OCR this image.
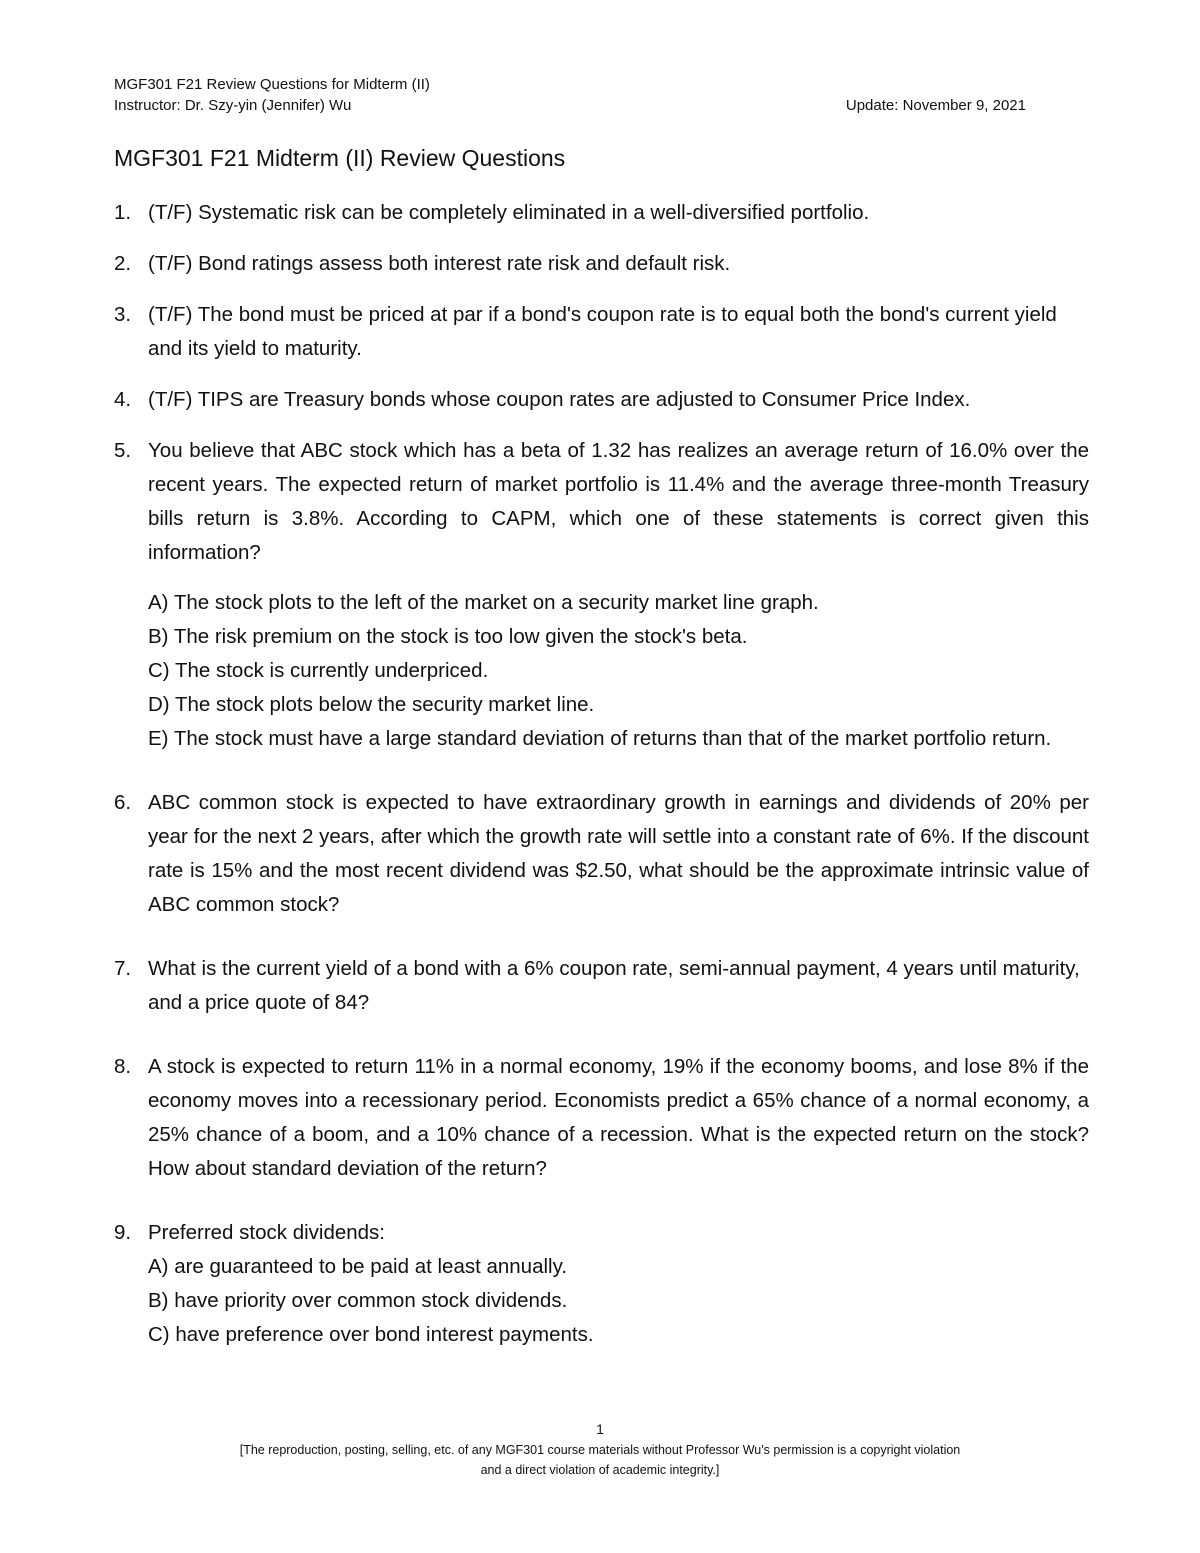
MGF301 F21 Review Questions for Midterm (II)
Instructor: Dr. Szy-yin (Jennifer) Wu	Update: November 9, 2021
MGF301 F21 Midterm (II) Review Questions
1. (T/F) Systematic risk can be completely eliminated in a well-diversified portfolio.
2. (T/F) Bond ratings assess both interest rate risk and default risk.
3. (T/F) The bond must be priced at par if a bond's coupon rate is to equal both the bond's current yield and its yield to maturity.
4. (T/F) TIPS are Treasury bonds whose coupon rates are adjusted to Consumer Price Index.
5. You believe that ABC stock which has a beta of 1.32 has realizes an average return of 16.0% over the recent years. The expected return of market portfolio is 11.4% and the average three-month Treasury bills return is 3.8%. According to CAPM, which one of these statements is correct given this information?
A) The stock plots to the left of the market on a security market line graph.
B) The risk premium on the stock is too low given the stock's beta.
C) The stock is currently underpriced.
D) The stock plots below the security market line.
E) The stock must have a large standard deviation of returns than that of the market portfolio return.
6. ABC common stock is expected to have extraordinary growth in earnings and dividends of 20% per year for the next 2 years, after which the growth rate will settle into a constant rate of 6%. If the discount rate is 15% and the most recent dividend was $2.50, what should be the approximate intrinsic value of ABC common stock?
7. What is the current yield of a bond with a 6% coupon rate, semi-annual payment, 4 years until maturity, and a price quote of 84?
8. A stock is expected to return 11% in a normal economy, 19% if the economy booms, and lose 8% if the economy moves into a recessionary period. Economists predict a 65% chance of a normal economy, a 25% chance of a boom, and a 10% chance of a recession. What is the expected return on the stock? How about standard deviation of the return?
9. Preferred stock dividends:
A) are guaranteed to be paid at least annually.
B) have priority over common stock dividends.
C) have preference over bond interest payments.
1
[The reproduction, posting, selling, etc. of any MGF301 course materials without Professor Wu's permission is a copyright violation
and a direct violation of academic integrity.]
